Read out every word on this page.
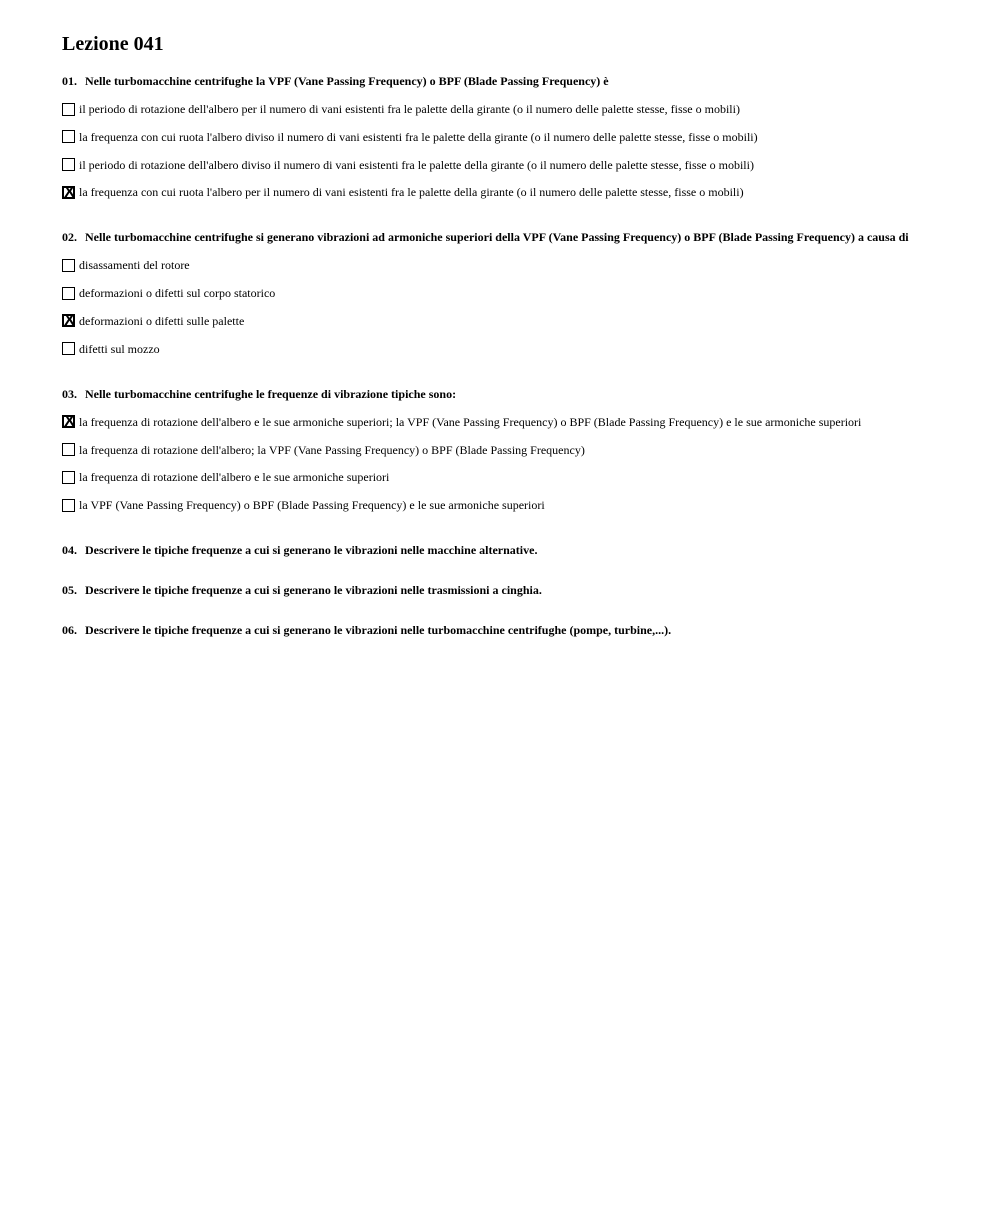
Lezione 041

01. Nelle turbomacchine centrifughe la VPF (Vane Passing Frequency) o BPF (Blade Passing Frequency) è

il periodo di rotazione dell'albero per il numero di vani esistenti fra le palette della girante (o il numero delle palette stesse, fisse o mobili)
la frequenza con cui ruota l'albero diviso il numero di vani esistenti fra le palette della girante (o il numero delle palette stesse, fisse o mobili)
il periodo di rotazione dell'albero diviso il numero di vani esistenti fra le palette della girante (o il numero delle palette stesse, fisse o mobili)
X la frequenza con cui ruota l'albero per il numero di vani esistenti fra le palette della girante (o il numero delle palette stesse, fisse o mobili)

02. Nelle turbomacchine centrifughe si generano vibrazioni ad armoniche superiori della VPF (Vane Passing Frequency) o BPF (Blade Passing Frequency) a causa di

disassamenti del rotore
deformazioni o difetti sul corpo statorico
X deformazioni o difetti sulle palette
difetti sul mozzo

03. Nelle turbomacchine centrifughe le frequenze di vibrazione tipiche sono:

X la frequenza di rotazione dell'albero e le sue armoniche superiori; la VPF (Vane Passing Frequency) o BPF (Blade Passing Frequency) e le sue armoniche superiori
la frequenza di rotazione dell'albero; la VPF (Vane Passing Frequency) o BPF (Blade Passing Frequency)
la frequenza di rotazione dell'albero e le sue armoniche superiori
la VPF (Vane Passing Frequency) o BPF (Blade Passing Frequency) e le sue armoniche superiori

04. Descrivere le tipiche frequenze a cui si generano le vibrazioni nelle macchine alternative.

05. Descrivere le tipiche frequenze a cui si generano le vibrazioni nelle trasmissioni a cinghia.

06. Descrivere le tipiche frequenze a cui si generano le vibrazioni nelle turbomacchine centrifughe (pompe, turbine,...).
